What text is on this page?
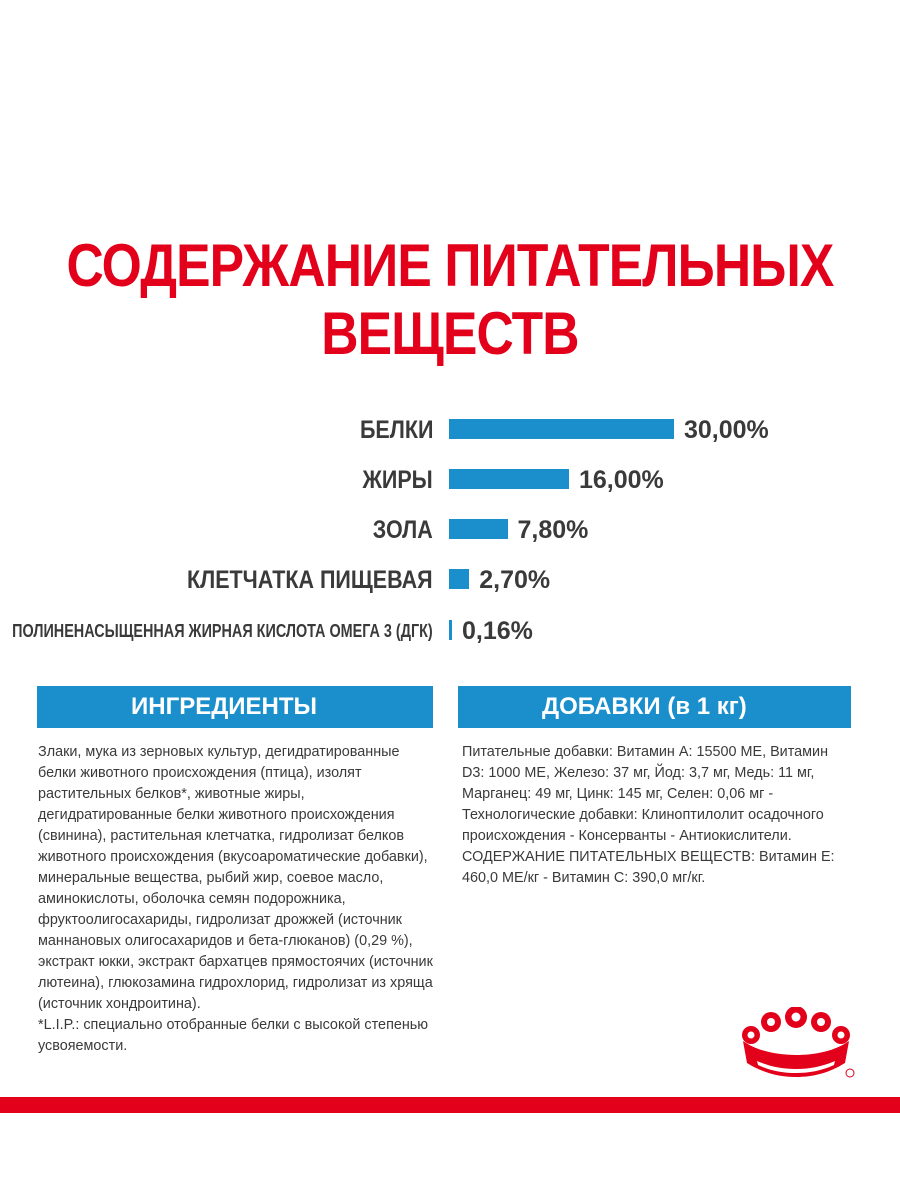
СОДЕРЖАНИЕ ПИТАТЕЛЬНЫХ
ВЕЩЕСТВ
БЕЛКИ	30,00%
ЖИРЫ	16,00%
ЗОЛА	7,80%
КЛЕТЧАТКА ПИЩЕВАЯ 2,70%
ПОЛИНЕНАСЫЩЕННАЯ ЖИРНАЯ КИСЛОТА ОМЕГА 3 (ДГК) 0,16%
ИНГРЕДИЕНТЫ	ДОБАВКИ (в 1 кг)

Злаки, мука из зерновых культур, дегидратированные белки животного происхождения (птица), изолят растительных белков*, животные жиры, дегидратированные белки животного происхождения (свинина), растительная клетчатка, гидролизат белков животного происхождения (вкусоароматические добавки), минеральные вещества, рыбий жир, соевое масло, аминокислоты, оболочка семян подорожника, фруктоолигосахариды, гидролизат дрожжей (источник маннановых олигосахаридов и бета-глюканов) (0,29 %), экстракт юкки, экстракт бархатцев прямостоячих (источник лютеина), глюкозамина гидрохлорид, гидролизат из хряща (источник хондроитина).

*L.I.P.: специально отобранные белки с высокой степенью усвояемости.

Питательные добавки: Витамин A: 15500 МЕ, Витамин D3: 1000 МЕ, Железо: 37 мг, Йод: 3,7 мг, Медь: 11 мг, Марганец: 49 мг, Цинк: 145 мг, Селен: 0,06 мг - Технологические добавки: Клиноптилолит осадочного происхождения - Консерванты - Антиокислители. СОДЕРЖАНИЕ ПИТАТЕЛЬНЫХ ВЕЩЕСТВ: Витамин E: 460,0 МЕ/кг - Витамин C: 390,0 мг/кг.
